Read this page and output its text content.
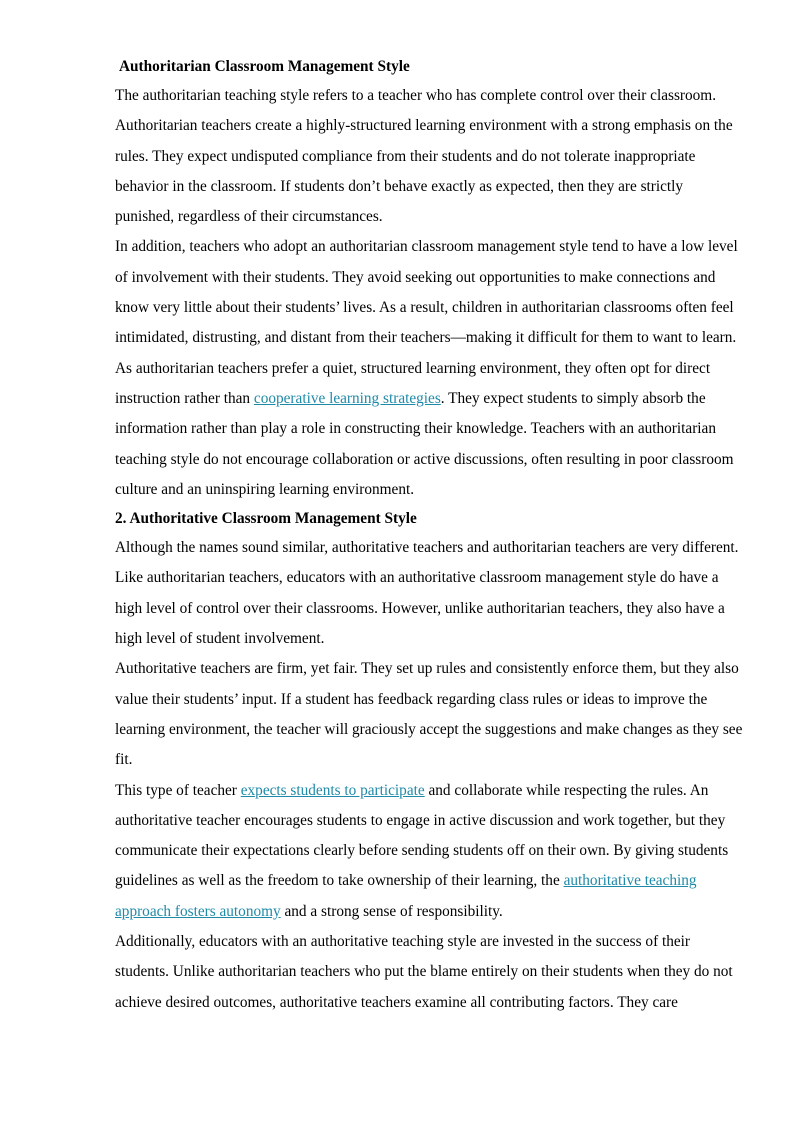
Authoritarian Classroom Management Style

The authoritarian teaching style refers to a teacher who has complete control over their classroom. Authoritarian teachers create a highly-structured learning environment with a strong emphasis on the rules. They expect undisputed compliance from their students and do not tolerate inappropriate behavior in the classroom. If students don’t behave exactly as expected, then they are strictly punished, regardless of their circumstances.

In addition, teachers who adopt an authoritarian classroom management style tend to have a low level of involvement with their students. They avoid seeking out opportunities to make connections and know very little about their students’ lives. As a result, children in authoritarian classrooms often feel intimidated, distrusting, and distant from their teachers—making it difficult for them to want to learn.

As authoritarian teachers prefer a quiet, structured learning environment, they often opt for direct instruction rather than cooperative learning strategies. They expect students to simply absorb the information rather than play a role in constructing their knowledge. Teachers with an authoritarian teaching style do not encourage collaboration or active discussions, often resulting in poor classroom culture and an uninspiring learning environment.

2. Authoritative Classroom Management Style

Although the names sound similar, authoritative teachers and authoritarian teachers are very different. Like authoritarian teachers, educators with an authoritative classroom management style do have a high level of control over their classrooms. However, unlike authoritarian teachers, they also have a high level of student involvement.

Authoritative teachers are firm, yet fair. They set up rules and consistently enforce them, but they also value their students’ input. If a student has feedback regarding class rules or ideas to improve the learning environment, the teacher will graciously accept the suggestions and make changes as they see fit.

This type of teacher expects students to participate and collaborate while respecting the rules. An authoritative teacher encourages students to engage in active discussion and work together, but they communicate their expectations clearly before sending students off on their own. By giving students guidelines as well as the freedom to take ownership of their learning, the authoritative teaching approach fosters autonomy and a strong sense of responsibility.

Additionally, educators with an authoritative teaching style are invested in the success of their students. Unlike authoritarian teachers who put the blame entirely on their students when they do not achieve desired outcomes, authoritative teachers examine all contributing factors. They care
